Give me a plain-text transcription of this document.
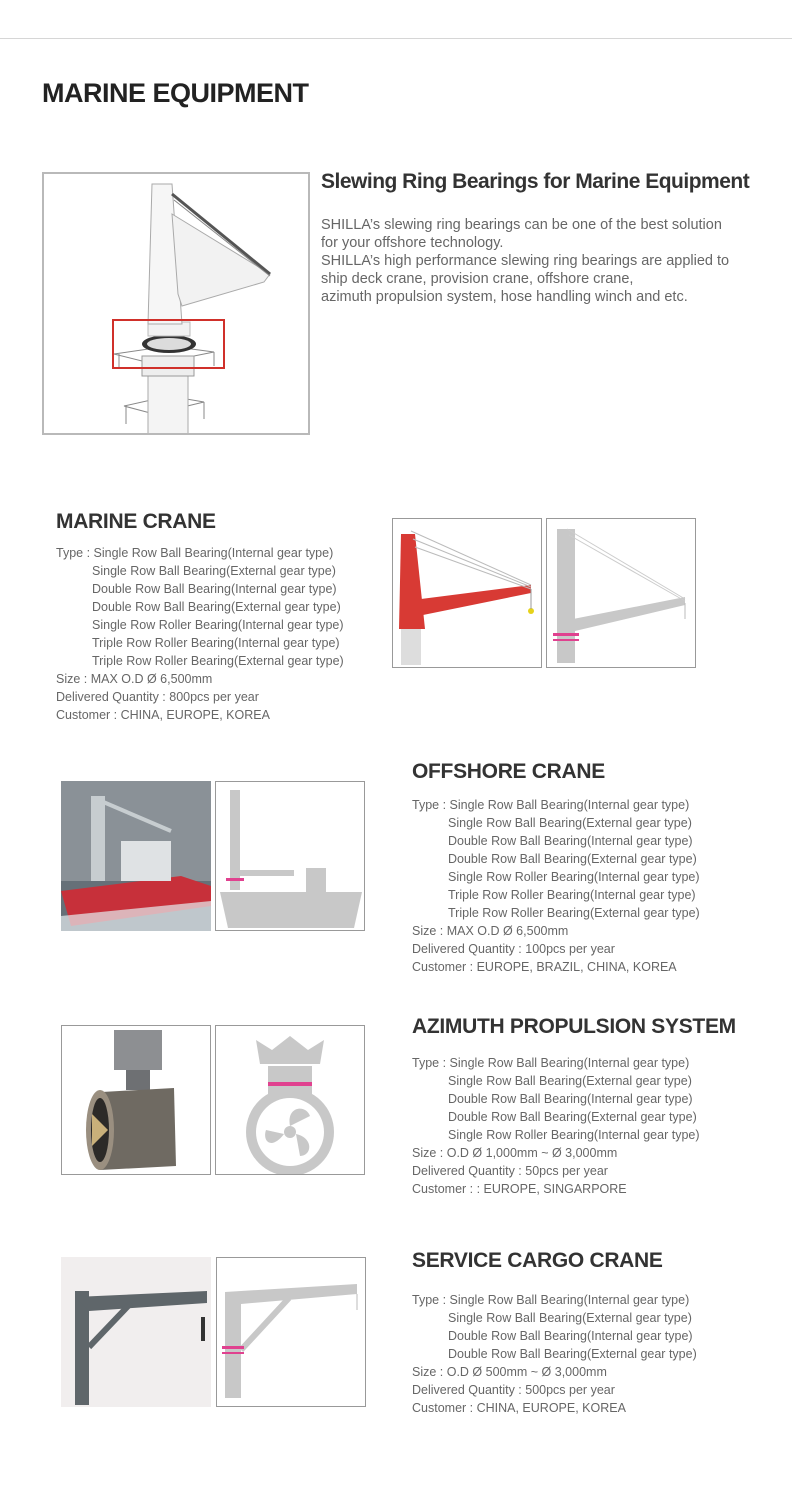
MARINE EQUIPMENT
Slewing Ring Bearings for Marine Equipment

SHILLA’s slewing ring bearings can be one of the best solution

for your offshore technology.

SHILLA’s high performance slewing ring bearings are applied to

ship deck crane, provision crane, offshore crane,

azimuth propulsion system, hose handling winch and etc.

MARINE CRANE
Type : Single Row Ball Bearing(Internal gear type)
Single Row Ball Bearing(External gear type)
Double Row Ball Bearing(Internal gear type)
Double Row Ball Bearing(External gear type)
Single Row Roller Bearing(Internal gear type)
Triple Row Roller Bearing(Internal gear type)
Triple Row Roller Bearing(External gear type)
Size : MAX O.D Ø 6,500mm
Delivered Quantity : 800pcs per year
Customer : CHINA, EUROPE, KOREA
OFFSHORE CRANE
Type : Single Row Ball Bearing(Internal gear type)
Single Row Ball Bearing(External gear type)
Double Row Ball Bearing(Internal gear type)
Double Row Ball Bearing(External gear type)
Single Row Roller Bearing(Internal gear type)
Triple Row Roller Bearing(Internal gear type)
Triple Row Roller Bearing(External gear type)
Size : MAX O.D Ø 6,500mm
Delivered Quantity : 100pcs per year
Customer : EUROPE, BRAZIL, CHINA, KOREA
AZIMUTH PROPULSION SYSTEM
Type : Single Row Ball Bearing(Internal gear type)
Single Row Ball Bearing(External gear type)
Double Row Ball Bearing(Internal gear type)
Double Row Ball Bearing(External gear type)
Single Row Roller Bearing(Internal gear type)
Size : O.D Ø 1,000mm ~ Ø 3,000mm
Delivered Quantity : 50pcs per year
Customer : : EUROPE, SINGARPORE
SERVICE CARGO CRANE
Type : Single Row Ball Bearing(Internal gear type)
Single Row Ball Bearing(External gear type)
Double Row Ball Bearing(Internal gear type)
Double Row Ball Bearing(External gear type)
Size : O.D Ø 500mm ~ Ø 3,000mm
Delivered Quantity : 500pcs per year
Customer : CHINA, EUROPE, KOREA
